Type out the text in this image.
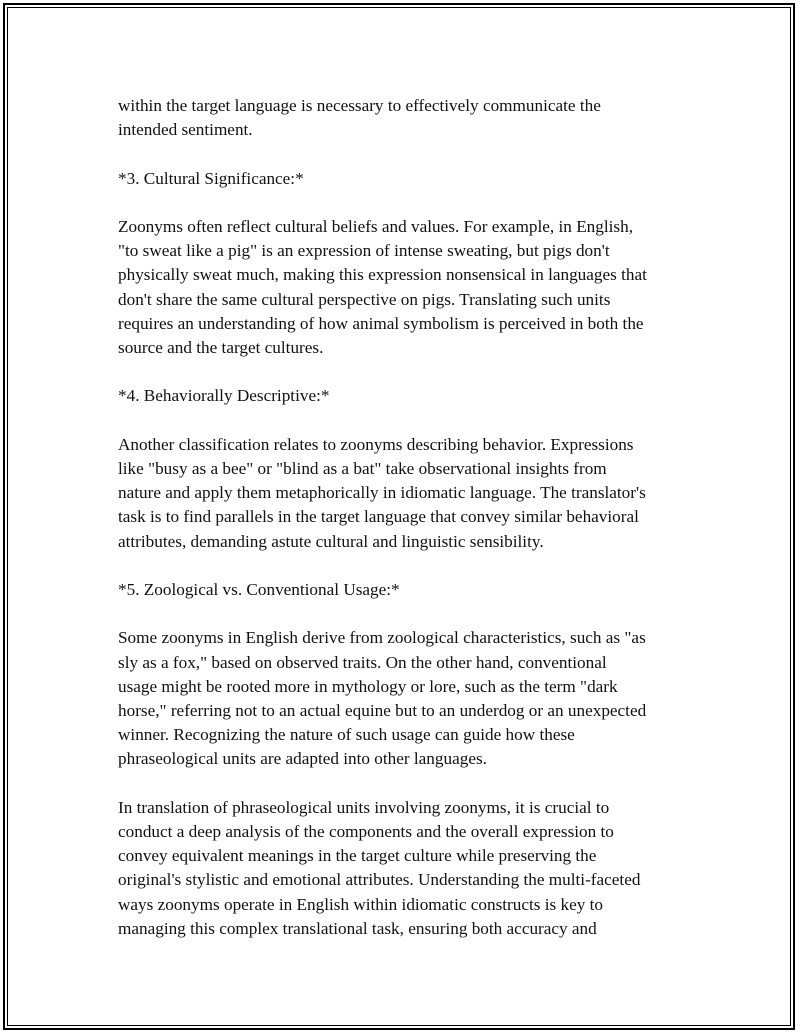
within the target language is necessary to effectively communicate the
intended sentiment.

*3. Cultural Significance:*

Zoonyms often reflect cultural beliefs and values. For example, in English,
"to sweat like a pig" is an expression of intense sweating, but pigs don't
physically sweat much, making this expression nonsensical in languages that
don't share the same cultural perspective on pigs. Translating such units
requires an understanding of how animal symbolism is perceived in both the
source and the target cultures.

*4. Behaviorally Descriptive:*

Another classification relates to zoonyms describing behavior. Expressions
like "busy as a bee" or "blind as a bat" take observational insights from
nature and apply them metaphorically in idiomatic language. The translator's
task is to find parallels in the target language that convey similar behavioral
attributes, demanding astute cultural and linguistic sensibility.

*5. Zoological vs. Conventional Usage:*

Some zoonyms in English derive from zoological characteristics, such as "as
sly as a fox," based on observed traits. On the other hand, conventional
usage might be rooted more in mythology or lore, such as the term "dark
horse," referring not to an actual equine but to an underdog or an unexpected
winner. Recognizing the nature of such usage can guide how these
phraseological units are adapted into other languages.

In translation of phraseological units involving zoonyms, it is crucial to
conduct a deep analysis of the components and the overall expression to
convey equivalent meanings in the target culture while preserving the
original's stylistic and emotional attributes. Understanding the multi-faceted
ways zoonyms operate in English within idiomatic constructs is key to
managing this complex translational task, ensuring both accuracy and
